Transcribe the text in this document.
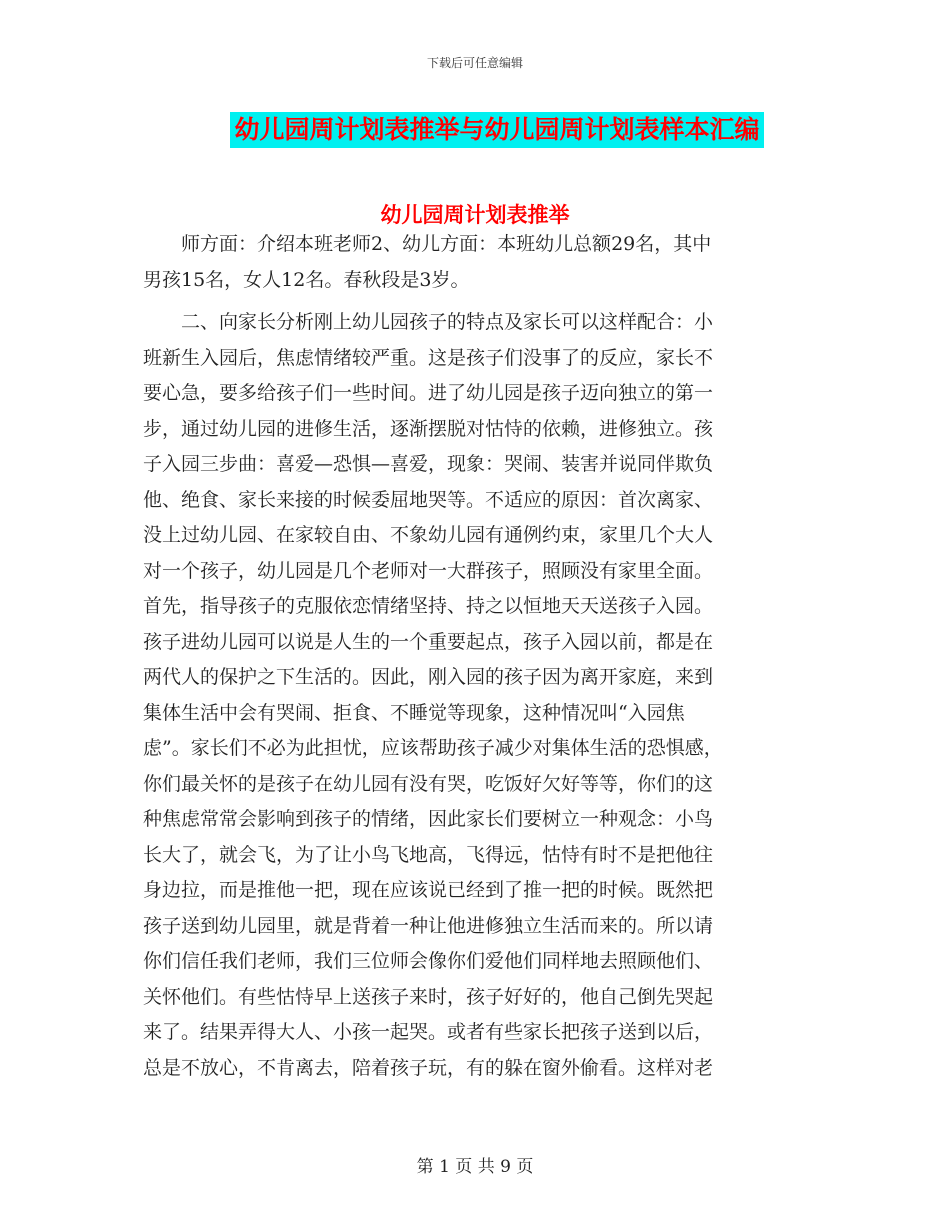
下载后可任意编辑
幼儿园周计划表推举与幼儿园周计划表样本汇编
幼儿园周计划表推举
　　师方面：介绍本班老师2、幼儿方面：本班幼儿总额29名，其中
男孩15名，女人12名。春秋段是3岁。
　　二、向家长分析刚上幼儿园孩子的特点及家长可以这样配合：小
班新生入园后，焦虑情绪较严重。这是孩子们没事了的反应，家长不
要心急，要多给孩子们一些时间。进了幼儿园是孩子迈向独立的第一
步，通过幼儿园的进修生活，逐渐摆脱对怙恃的依赖，进修独立。孩
子入园三步曲：喜爱—恐惧—喜爱，现象：哭闹、装害并说同伴欺负
他、绝食、家长来接的时候委屈地哭等。不适应的原因：首次离家、
没上过幼儿园、在家较自由、不象幼儿园有通例约束，家里几个大人
对一个孩子，幼儿园是几个老师对一大群孩子，照顾没有家里全面。
首先，指导孩子的克服依恋情绪坚持、持之以恒地天天送孩子入园。
孩子进幼儿园可以说是人生的一个重要起点，孩子入园以前，都是在
两代人的保护之下生活的。因此，刚入园的孩子因为离开家庭，来到
集体生活中会有哭闹、拒食、不睡觉等现象，这种情况叫“入园焦
虑”。家长们不必为此担忧，应该帮助孩子减少对集体生活的恐惧感，
你们最关怀的是孩子在幼儿园有没有哭，吃饭好欠好等等，你们的这
种焦虑常常会影响到孩子的情绪，因此家长们要树立一种观念：小鸟
长大了，就会飞，为了让小鸟飞地高，飞得远，怙恃有时不是把他往
身边拉，而是推他一把，现在应该说已经到了推一把的时候。既然把
孩子送到幼儿园里，就是背着一种让他进修独立生活而来的。所以请
你们信任我们老师，我们三位师会像你们爱他们同样地去照顾他们、
关怀他们。有些怙恃早上送孩子来时，孩子好好的，他自己倒先哭起
来了。结果弄得大人、小孩一起哭。或者有些家长把孩子送到以后，
总是不放心，不肯离去，陪着孩子玩，有的躲在窗外偷看。这样对老
第 1 页 共 9 页
